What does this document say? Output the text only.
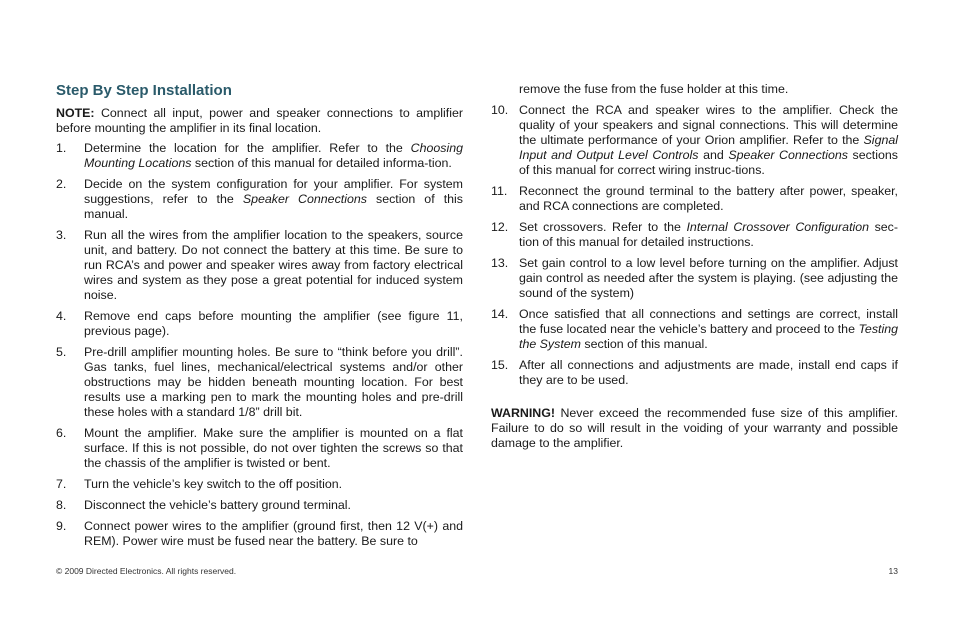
Step By Step Installation

NOTE: Connect all input, power and speaker connections to amplifier before mounting the amplifier in its final location.

1.	Determine the location for the amplifier. Refer to the Choosing Mounting Locations section of this manual for detailed informa-tion.
2.	Decide on the system configuration for your amplifier. For system suggestions, refer to the Speaker Connections section of this manual.
3.	Run all the wires from the amplifier location to the speakers, source unit, and battery. Do not connect the battery at this time. Be sure to run RCA’s and power and speaker wires away from factory electrical wires and system as they pose a great potential for induced system noise.
4.	Remove end caps before mounting the amplifier (see figure 11, previous page).
5.	Pre-drill amplifier mounting holes. Be sure to “think before you drill”. Gas tanks, fuel lines, mechanical/electrical systems and/or other obstructions may be hidden beneath mounting location. For best results use a marking pen to mark the mounting holes and pre-drill these holes with a standard 1/8” drill bit.
6.	Mount the amplifier. Make sure the amplifier is mounted on a flat surface. If this is not possible, do not over tighten the screws so that the chassis of the amplifier is twisted or bent.
7.	Turn the vehicle’s key switch to the off position.
8.	Disconnect the vehicle’s battery ground terminal.
9.	Connect power wires to the amplifier (ground first, then 12 V(+) and REM). Power wire must be fused near the battery. Be sure to

remove the fuse from the fuse holder at this time.

10. Connect the RCA and speaker wires to the amplifier. Check the quality of your speakers and signal connections. This will determine the ultimate performance of your Orion amplifier. Refer to the Signal Input and Output Level Controls and Speaker Connections sections of this manual for correct wiring instruc-tions.
11. Reconnect the ground terminal to the battery after power, speaker, and RCA connections are completed.
12. Set crossovers. Refer to the Internal Crossover Configuration sec-tion of this manual for detailed instructions.
13. Set gain control to a low level before turning on the amplifier. Adjust gain control as needed after the system is playing. (see adjusting the sound of the system)
14. Once satisfied that all connections and settings are correct, install the fuse located near the vehicle’s battery and proceed to the Testing the System section of this manual.
15. After all connections and adjustments are made, install end caps if they are to be used.

WARNING! Never exceed the recommended fuse size of this amplifier. Failure to do so will result in the voiding of your warranty and possible damage to the amplifier.

© 2009 Directed Electronics. All rights reserved.	13
